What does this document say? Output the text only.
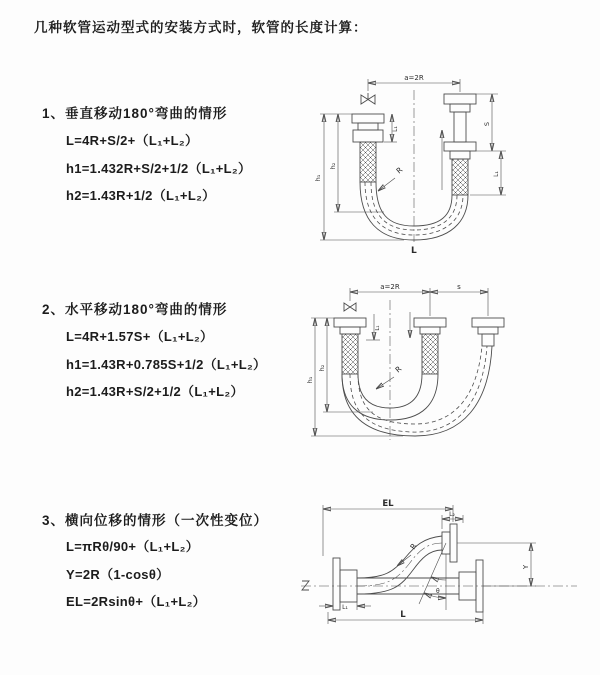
几种软管运动型式的安装方式时，软管的长度计算：
1、垂直移动180°弯曲的情形
L=4R+S/2+（L₁+L₂）
h1=1.432R+S/2+1/2（L₁+L₂）
h2=1.43R+1/2（L₁+L₂）
2、水平移动180°弯曲的情形
L=4R+1.57S+（L₁+L₂）
h1=1.43R+0.785S+1/2（L₁+L₂）
h2=1.43R+S/2+1/2（L₁+L₂）
3、横向位移的情形（一次性变位）
L=πRθ/90+（L₁+L₂）
Y=2R（1-cosθ）
EL=2Rsinθ+（L₁+L₂）
a=2R
h₁
h₂
S
L₁
L₁
R
L
a=2R	s
h₁
h₂
L₁
R
EL
L₂
Y
R
θ
L
L₁
